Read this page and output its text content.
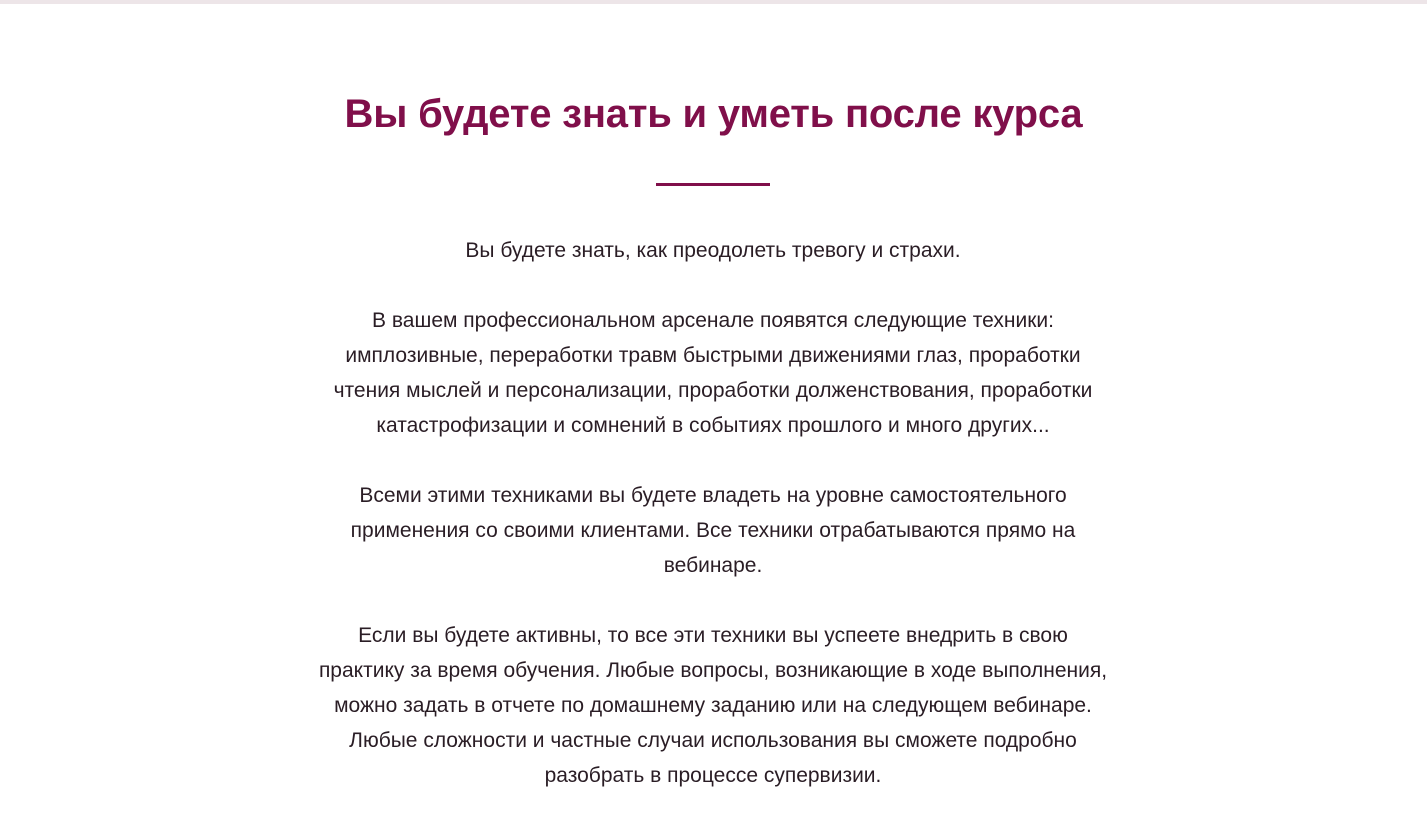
Вы будете знать и уметь после курса

Вы будете знать, как преодолеть тревогу и страхи.

В вашем профессиональном арсенале появятся следующие техники:
имплозивные, переработки травм быстрыми движениями глаз, проработки
чтения мыслей и персонализации, проработки долженствования, проработки
катастрофизации и сомнений в событиях прошлого и много других...

Всеми этими техниками вы будете владеть на уровне самостоятельного
применения со своими клиентами. Все техники отрабатываются прямо на
вебинаре.

Если вы будете активны, то все эти техники вы успеете внедрить в свою
практику за время обучения. Любые вопросы, возникающие в ходе выполнения,
можно задать в отчете по домашнему заданию или на следующем вебинаре.
Любые сложности и частные случаи использования вы сможете подробно
разобрать в процессе супервизии.
